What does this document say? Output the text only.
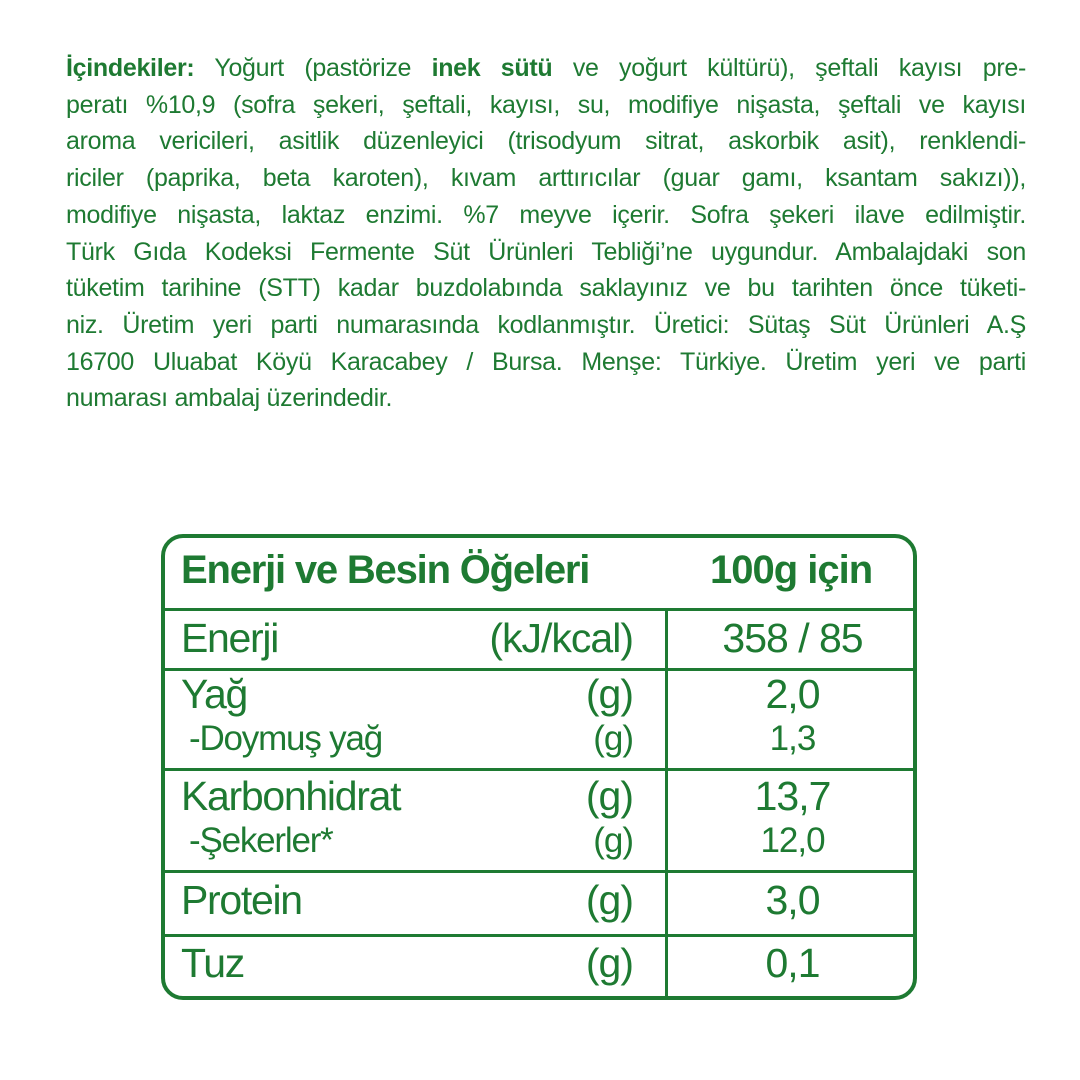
İçindekiler: Yoğurt (pastörize inek sütü ve yoğurt kültürü), şeftali kayısı pre-
peratı %10,9 (sofra şekeri, şeftali, kayısı, su, modifiye nişasta, şeftali ve kayısı
aroma vericileri, asitlik düzenleyici (trisodyum sitrat, askorbik asit), renklendi-
riciler (paprika, beta karoten), kıvam arttırıcılar (guar gamı, ksantam sakızı)),
modifiye nişasta, laktaz enzimi. %7 meyve içerir. Sofra şekeri ilave edilmiştir.
Türk Gıda Kodeksi Fermente Süt Ürünleri Tebliği’ne uygundur. Ambalajdaki son
tüketim tarihine (STT) kadar buzdolabında saklayınız ve bu tarihten önce tüketi-
niz. Üretim yeri parti numarasında kodlanmıştır. Üretici: Sütaş Süt Ürünleri A.Ş
16700 Uluabat Köyü Karacabey / Bursa. Menşe: Türkiye. Üretim yeri ve parti
numarası ambalaj üzerindedir.
Enerji ve Besin Öğeleri	100g için
Enerji	(kJ/kcal)	358 / 85
Yağ	(g)	2,0
-Doymuş yağ	(g)	1,3
Karbonhidrat	(g)	13,7
-Şekerler*	(g)	12,0
Protein	(g)	3,0
Tuz	(g)	0,1
